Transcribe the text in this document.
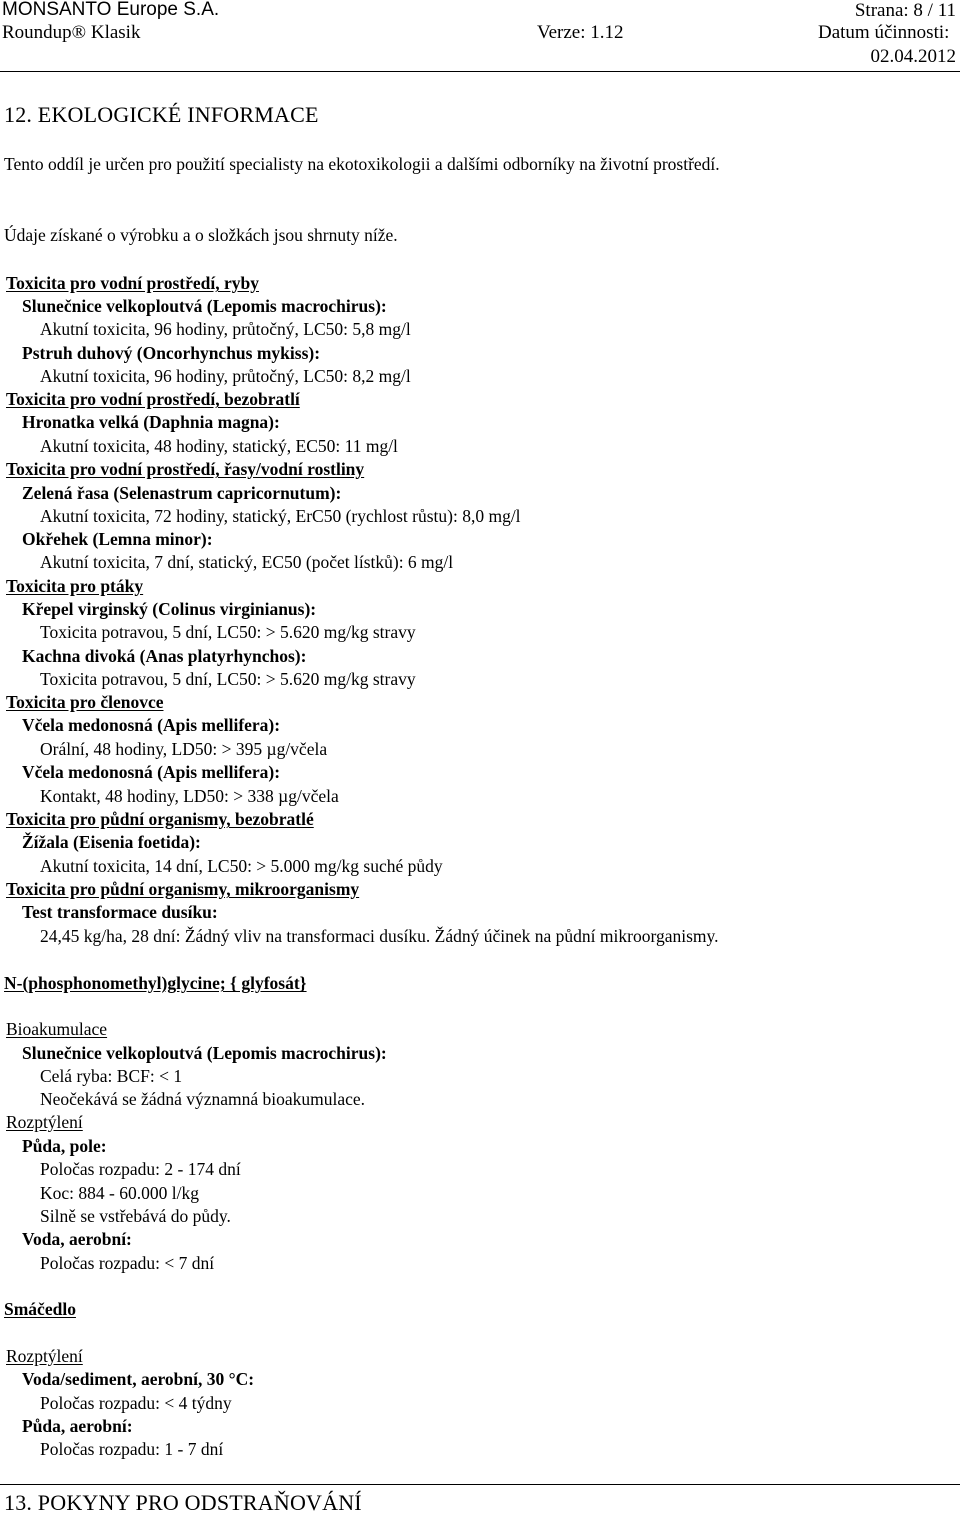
MONSANTO Europe S.A.	Strana: 8 / 11
Roundup® Klasik	Verze: 1.12	Datum účinnosti:
02.04.2012
12. EKOLOGICKÉ INFORMACE
Tento oddíl je určen pro použití specialisty na ekotoxikologii a dalšími odborníky na životní prostředí.
Údaje získané o výrobku a o složkách jsou shrnuty níže.
Toxicita pro vodní prostředí, ryby
Slunečnice velkoploutvá (Lepomis macrochirus):
Akutní toxicita, 96 hodiny, průtočný, LC50: 5,8 mg/l
Pstruh duhový (Oncorhynchus mykiss):
Akutní toxicita, 96 hodiny, průtočný, LC50: 8,2 mg/l
Toxicita pro vodní prostředí, bezobratlí
Hronatka velká (Daphnia magna):
Akutní toxicita, 48 hodiny, statický, EC50: 11 mg/l
Toxicita pro vodní prostředí, řasy/vodní rostliny
Zelená řasa (Selenastrum capricornutum):
Akutní toxicita, 72 hodiny, statický, ErC50 (rychlost růstu): 8,0 mg/l
Okřehek (Lemna minor):
Akutní toxicita, 7 dní, statický, EC50 (počet lístků): 6 mg/l
Toxicita pro ptáky
Křepel virginský (Colinus virginianus):
Toxicita potravou, 5 dní, LC50: > 5.620 mg/kg stravy
Kachna divoká (Anas platyrhynchos):
Toxicita potravou, 5 dní, LC50: > 5.620 mg/kg stravy
Toxicita pro členovce
Včela medonosná (Apis mellifera):
Orální, 48 hodiny, LD50: > 395 µg/včela
Včela medonosná (Apis mellifera):
Kontakt, 48 hodiny, LD50: > 338 µg/včela
Toxicita pro půdní organismy, bezobratlé
Žížala (Eisenia foetida):
Akutní toxicita, 14 dní, LC50: > 5.000 mg/kg suché půdy
Toxicita pro půdní organismy, mikroorganismy
Test transformace dusíku:
24,45 kg/ha, 28 dní: Žádný vliv na transformaci dusíku. Žádný účinek na půdní mikroorganismy.
N-(phosphonomethyl)glycine; { glyfosát}
Bioakumulace
Slunečnice velkoploutvá (Lepomis macrochirus):
Celá ryba: BCF: < 1
Neočekává se žádná významná bioakumulace.
Rozptýlení
Půda, pole:
Poločas rozpadu: 2 - 174 dní
Koc: 884 - 60.000 l/kg
Silně se vstřebává do půdy.
Voda, aerobní:
Poločas rozpadu: < 7 dní
Smáčedlo
Rozptýlení
Voda/sediment, aerobní, 30 °C:
Poločas rozpadu: < 4 týdny
Půda, aerobní:
Poločas rozpadu: 1 - 7 dní
13. POKYNY PRO ODSTRAŇOVÁNÍ
